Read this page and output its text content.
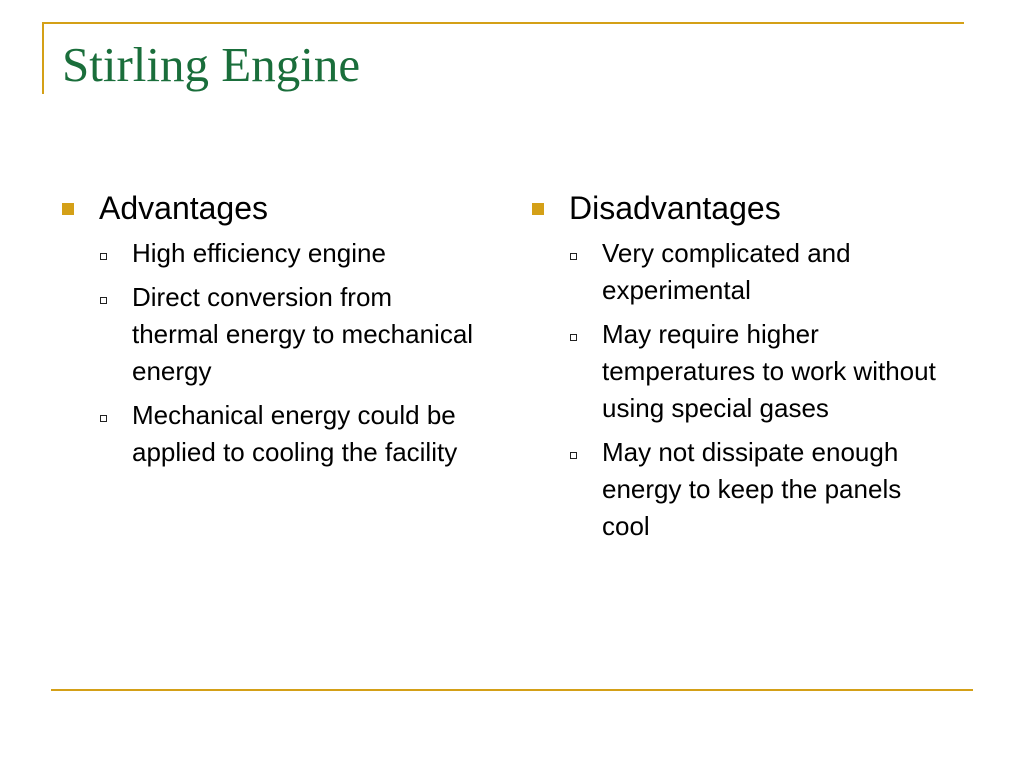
Stirling Engine
Advantages
High efficiency engine
Direct conversion from thermal energy to mechanical energy
Mechanical energy could be applied to cooling the facility
Disadvantages
Very complicated and experimental
May require higher temperatures to work without using special gases
May not dissipate enough energy to keep the panels cool
